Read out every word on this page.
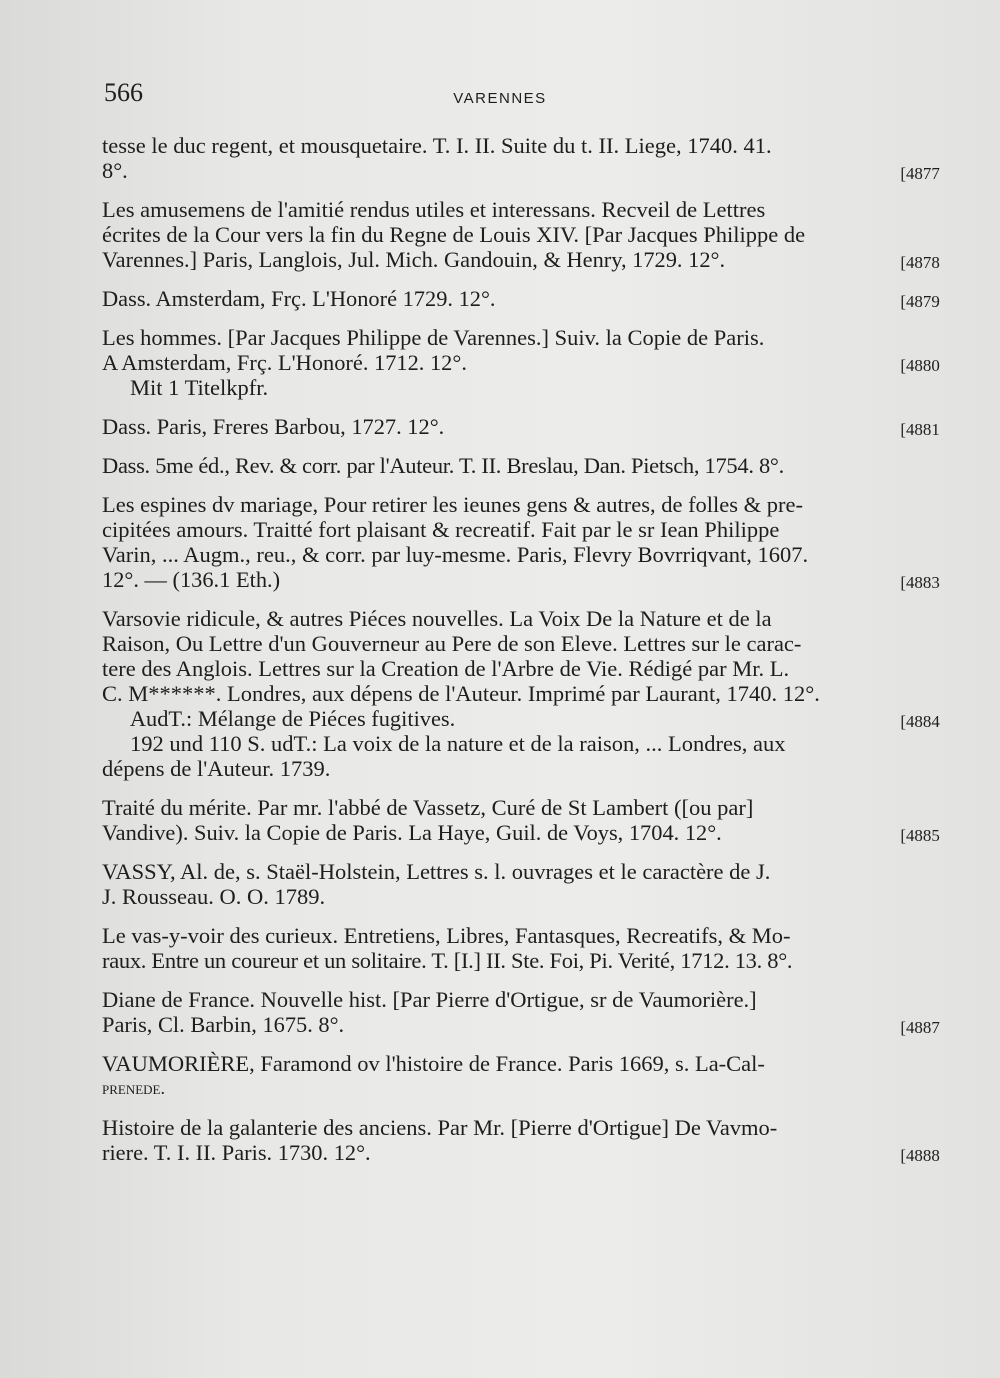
566	VARENNES
tesse le duc regent, et mousquetaire. T. I. II. Suite du t. II. Liege, 1740. 41.
8°.	[4877
Les amusemens de l'amitié rendus utiles et interessans. Recveil de Lettres
écrites de la Cour vers la fin du Regne de Louis XIV. [Par Jacques Philippe de
Varennes.] Paris, Langlois, Jul. Mich. Gandouin, & Henry, 1729. 12°.	[4878
Dass. Amsterdam, Frç. L'Honoré 1729. 12°.	[4879
Les hommes. [Par Jacques Philippe de Varennes.] Suiv. la Copie de Paris.
A Amsterdam, Frç. L'Honoré. 1712. 12°.	[4880
Mit 1 Titelkpfr.
Dass. Paris, Freres Barbou, 1727. 12°.	[4881
Dass. 5me éd., Rev. & corr. par l'Auteur. T. II. Breslau, Dan. Pietsch, 1754. 8°.
Les espines dv mariage, Pour retirer les ieunes gens & autres, de folles & pre-
cipitées amours. Traitté fort plaisant & recreatif. Fait par le sr Iean Philippe
Varin, ... Augm., reu., & corr. par luy-mesme. Paris, Flevry Bovrriqvant, 1607.
12°. — (136.1 Eth.)	[4883
Varsovie ridicule, & autres Piéces nouvelles. La Voix De la Nature et de la
Raison, Ou Lettre d'un Gouverneur au Pere de son Eleve. Lettres sur le carac-
tere des Anglois. Lettres sur la Creation de l'Arbre de Vie. Rédigé par Mr. L.
C. M******. Londres, aux dépens de l'Auteur. Imprimé par Laurant, 1740. 12°.
AudT.: Mélange de Piéces fugitives.	[4884
192 und 110 S. udT.: La voix de la nature et de la raison, ... Londres, aux
dépens de l'Auteur. 1739.
Traité du mérite. Par mr. l'abbé de Vassetz, Curé de St Lambert ([ou par]
Vandive). Suiv. la Copie de Paris. La Haye, Guil. de Voys, 1704. 12°.	[4885
VASSY, Al. de, s. Staël-Holstein, Lettres s. l. ouvrages et le caractère de J.
J. Rousseau. O. O. 1789.
Le vas-y-voir des curieux. Entretiens, Libres, Fantasques, Recreatifs, & Mo-
raux. Entre un coureur et un solitaire. T. [I.] II. Ste. Foi, Pi. Verité, 1712. 13. 8°.
Diane de France. Nouvelle hist. [Par Pierre d'Ortigue, sr de Vaumorière.]
Paris, Cl. Barbin, 1675. 8°.	[4887
VAUMORIÈRE, Faramond ov l'histoire de France. Paris 1669, s. La-Cal-
prenede.
Histoire de la galanterie des anciens. Par Mr. [Pierre d'Ortigue] De Vavmo-
riere. T. I. II. Paris. 1730. 12°.	[4888
